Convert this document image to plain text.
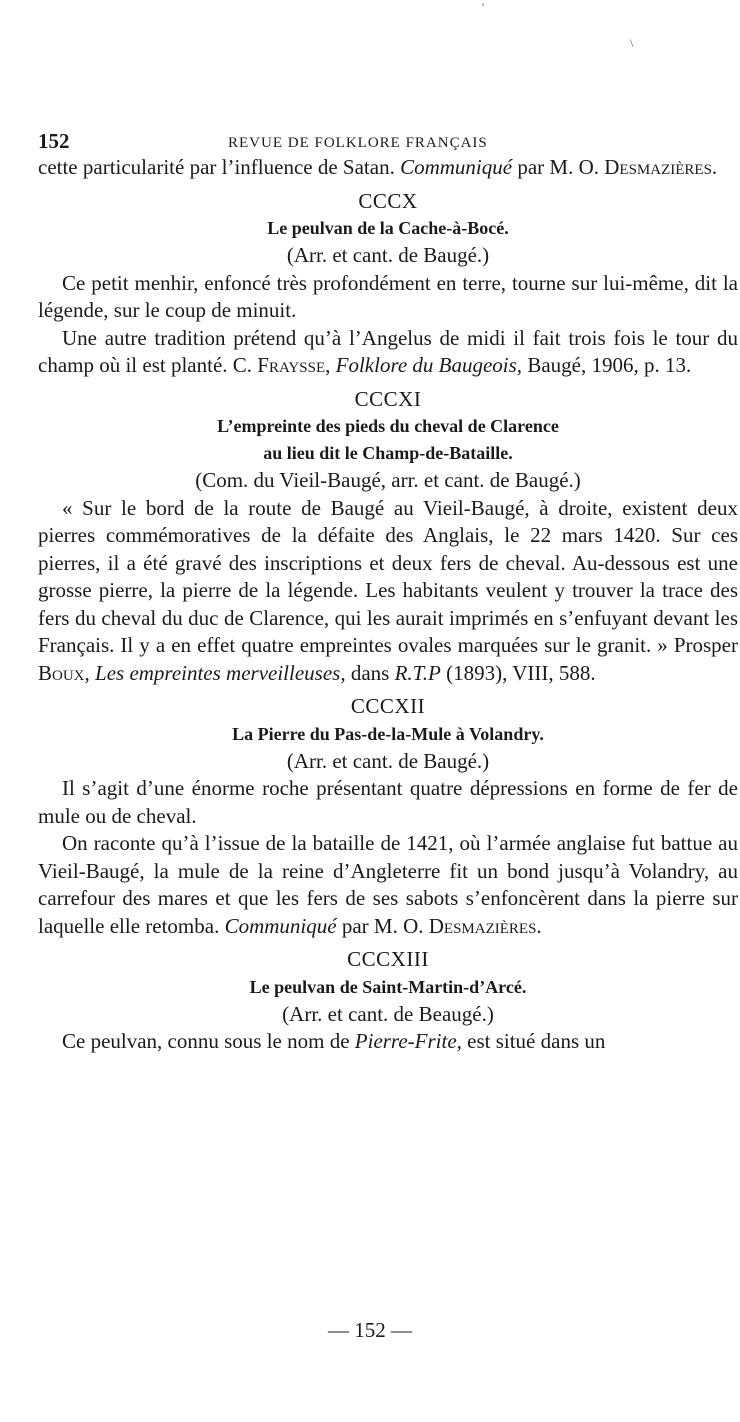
'
\
152	REVUE DE FOLKLORE FRANÇAIS

cette particularité par l’influence de Satan. Communiqué par M. O. Desmazières.

CCCX
Le peulvan de la Cache-à-Bocé.
(Arr. et cant. de Baugé.)

Ce petit menhir, enfoncé très profondément en terre, tourne sur lui-même, dit la légende, sur le coup de minuit.

Une autre tradition prétend qu’à l’Angelus de midi il fait trois fois le tour du champ où il est planté. C. Fraysse, Folklore du Baugeois, Baugé, 1906, p. 13.

CCCXI
L’empreinte des pieds du cheval de Clarence
au lieu dit le Champ-de-Bataille.
(Com. du Vieil-Baugé, arr. et cant. de Baugé.)

« Sur le bord de la route de Baugé au Vieil-Baugé, à droite, existent deux pierres commémoratives de la défaite des Anglais, le 22 mars 1420. Sur ces pierres, il a été gravé des inscriptions et deux fers de cheval. Au-dessous est une grosse pierre, la pierre de la légende. Les habitants veulent y trouver la trace des fers du cheval du duc de Clarence, qui les aurait imprimés en s’enfuyant devant les Français. Il y a en effet quatre empreintes ovales marquées sur le granit. » Prosper Boux, Les empreintes merveilleuses, dans R.T.P (1893), VIII, 588.

CCCXII
La Pierre du Pas-de-la-Mule à Volandry.
(Arr. et cant. de Baugé.)

Il s’agit d’une énorme roche présentant quatre dépressions en forme de fer de mule ou de cheval.

On raconte qu’à l’issue de la bataille de 1421, où l’armée anglaise fut battue au Vieil-Baugé, la mule de la reine d’Angleterre fit un bond jusqu’à Volandry, au carrefour des mares et que les fers de ses sabots s’enfoncèrent dans la pierre sur laquelle elle retomba. Communiqué par M. O. Desmazières.

CCCXIII
Le peulvan de Saint-Martin-d’Arcé.
(Arr. et cant. de Beaugé.)

Ce peulvan, connu sous le nom de Pierre-Frite, est situé dans un

— 152 —
